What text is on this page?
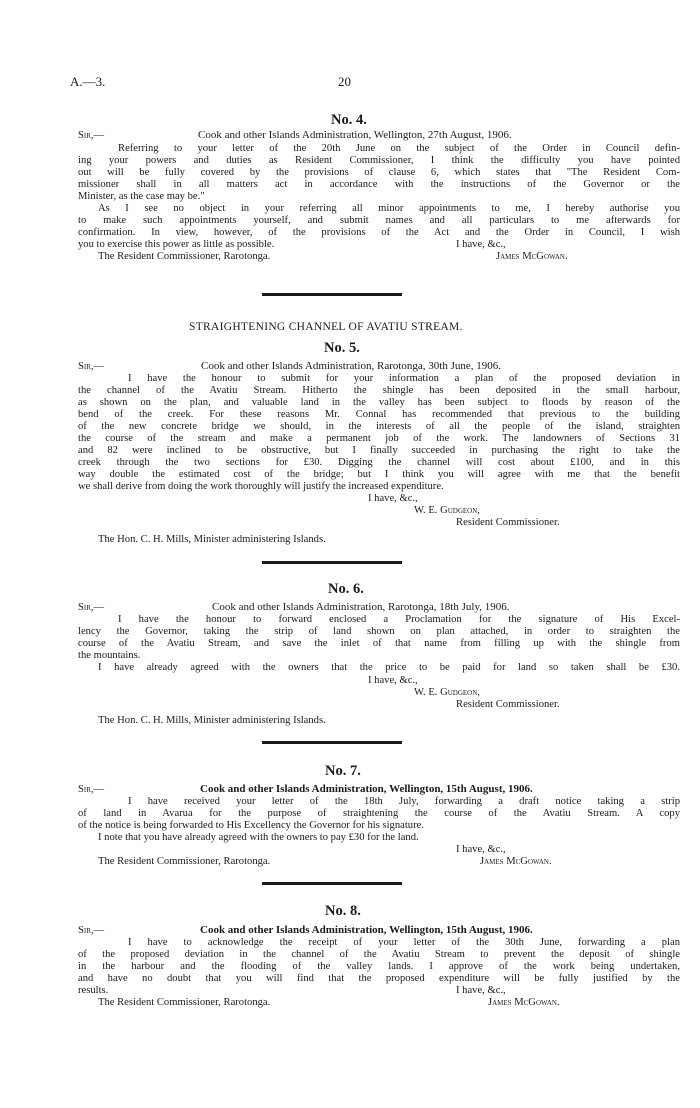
A.—3.	20
No. 4.
Sir,—	Cook and other Islands Administration, Wellington, 27th August, 1906.
Referring to your letter of the 20th June on the subject of the Order in Council defin-
ing your powers and duties as Resident Commissioner, I think the difficulty you have pointed
out will be fully covered by the provisions of clause 6, which states that "The Resident Com-
missioner shall in all matters act in accordance with the instructions of the Governor or the
Minister, as the case may be."
As I see no object in your referring all minor appointments to me, I hereby authorise you
to make such appointments yourself, and submit names and all particulars to me afterwards for
confirmation. In view, however, of the provisions of the Act and the Order in Council, I wish
you to exercise this power as little as possible.	I have, &c.,
The Resident Commissioner, Rarotonga.	James McGowan.
STRAIGHTENING CHANNEL OF AVATIU STREAM.
No. 5.
Sir,—	Cook and other Islands Administration, Rarotonga, 30th June, 1906.
I have the honour to submit for your information a plan of the proposed deviation in
the channel of the Avatiu Stream. Hitherto the shingle has been deposited in the small harbour,
as shown on the plan, and valuable land in the valley has been subject to floods by reason of the
bend of the creek. For these reasons Mr. Connal has recommended that previous to the building
of the new concrete bridge we should, in the interests of all the people of the island, straighten
the course of the stream and make a permanent job of the work. The landowners of Sections 31
and 82 were inclined to be obstructive, but I finally succeeded in purchasing the right to take the
creek through the two sections for £30. Digging the channel will cost about £100, and in this
way double the estimated cost of the bridge; but I think you will agree with me that the benefit
we shall derive from doing the work thoroughly will justify the increased expenditure.
I have, &c.,
W. E. Gudgeon,
Resident Commissioner.
The Hon. C. H. Mills, Minister administering Islands.
No. 6.
Sir,—	Cook and other Islands Administration, Rarotonga, 18th July, 1906.
I have the honour to forward enclosed a Proclamation for the signature of His Excel-
lency the Governor, taking the strip of land shown on plan attached, in order to straighten the
course of the Avatiu Stream, and save the inlet of that name from filling up with the shingle from
the mountains.
I have already agreed with the owners that the price to be paid for land so taken shall be £30.
I have, &c.,
W. E. Gudgeon,
Resident Commissioner.
The Hon. C. H. Mills, Minister administering Islands.
No. 7.
Sir,—	Cook and other Islands Administration, Wellington, 15th August, 1906.
I have received your letter of the 18th July, forwarding a draft notice taking a strip
of land in Avarua for the purpose of straightening the course of the Avatiu Stream. A copy
of the notice is being forwarded to His Excellency the Governor for his signature.
I note that you have already agreed with the owners to pay £30 for the land.
I have, &c.,
The Resident Commissioner, Rarotonga.	James McGowan.
No. 8.
Sir,—	Cook and other Islands Administration, Wellington, 15th August, 1906.
I have to acknowledge the receipt of your letter of the 30th June, forwarding a plan
of the proposed deviation in the channel of the Avatiu Stream to prevent the deposit of shingle
in the harbour and the flooding of the valley lands. I approve of the work being undertaken,
and have no doubt that you will find that the proposed expenditure will be fully justified by the
results.	I have, &c.,
The Resident Commissioner, Rarotonga.	James McGowan.
